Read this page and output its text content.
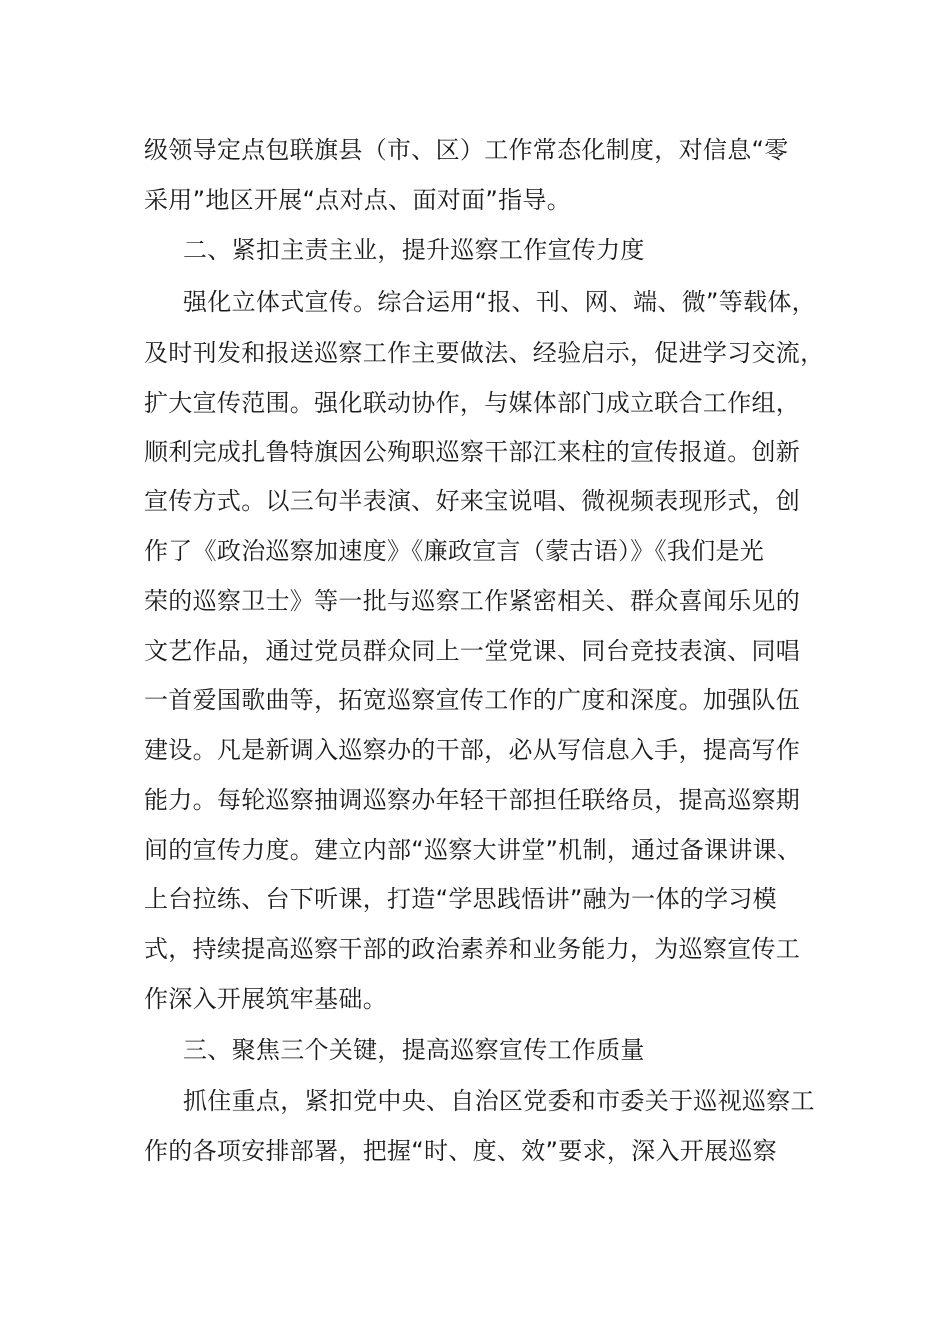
级领导定点包联旗县（市、区）工作常态化制度，对信息“零
采用”地区开展“点对点、面对面”指导。
二、紧扣主责主业，提升巡察工作宣传力度
强化立体式宣传。综合运用“报、刊、网、端、微”等载体，
及时刊发和报送巡察工作主要做法、经验启示，促进学习交流，
扩大宣传范围。强化联动协作，与媒体部门成立联合工作组，
顺利完成扎鲁特旗因公殉职巡察干部江来柱的宣传报道。创新
宣传方式。以三句半表演、好来宝说唱、微视频表现形式，创
作了《政治巡察加速度》《廉政宣言（蒙古语）》《我们是光
荣的巡察卫士》等一批与巡察工作紧密相关、群众喜闻乐见的
文艺作品，通过党员群众同上一堂党课、同台竞技表演、同唱
一首爱国歌曲等，拓宽巡察宣传工作的广度和深度。加强队伍
建设。凡是新调入巡察办的干部，必从写信息入手，提高写作
能力。每轮巡察抽调巡察办年轻干部担任联络员，提高巡察期
间的宣传力度。建立内部“巡察大讲堂”机制，通过备课讲课、
上台拉练、台下听课，打造“学思践悟讲”融为一体的学习模
式，持续提高巡察干部的政治素养和业务能力，为巡察宣传工
作深入开展筑牢基础。
三、聚焦三个关键，提高巡察宣传工作质量
抓住重点，紧扣党中央、自治区党委和市委关于巡视巡察工
作的各项安排部署，把握“时、度、效”要求，深入开展巡察
